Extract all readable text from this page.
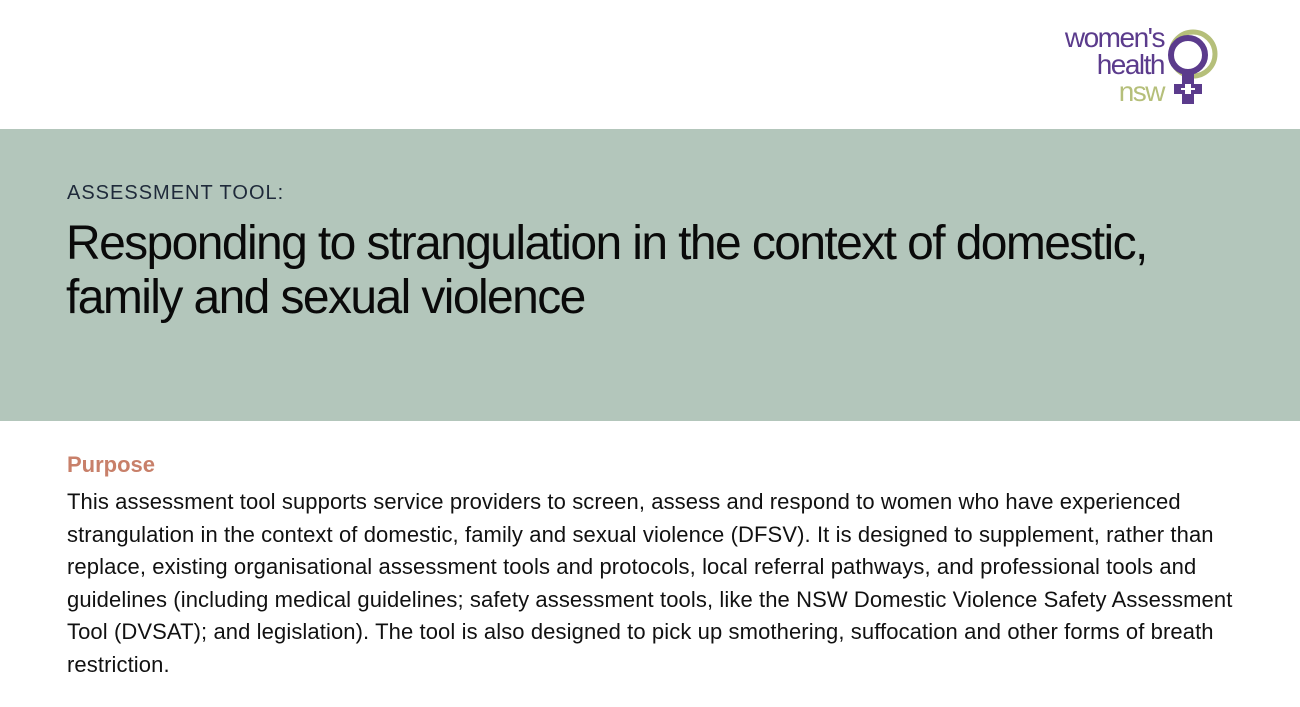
women's
health
nsw
ASSESSMENT TOOL:
Responding to strangulation in the context of domestic, family and sexual violence
Purpose

This assessment tool supports service providers to screen, assess and respond to women who have experienced strangulation in the context of domestic, family and sexual violence (DFSV). It is designed to supplement, rather than replace, existing organisational assessment tools and protocols, local referral pathways, and professional tools and guidelines (including medical guidelines; safety assessment tools, like the NSW Domestic Violence Safety Assessment Tool (DVSAT); and legislation). The tool is also designed to pick up smothering, suffocation and other forms of breath restriction.
